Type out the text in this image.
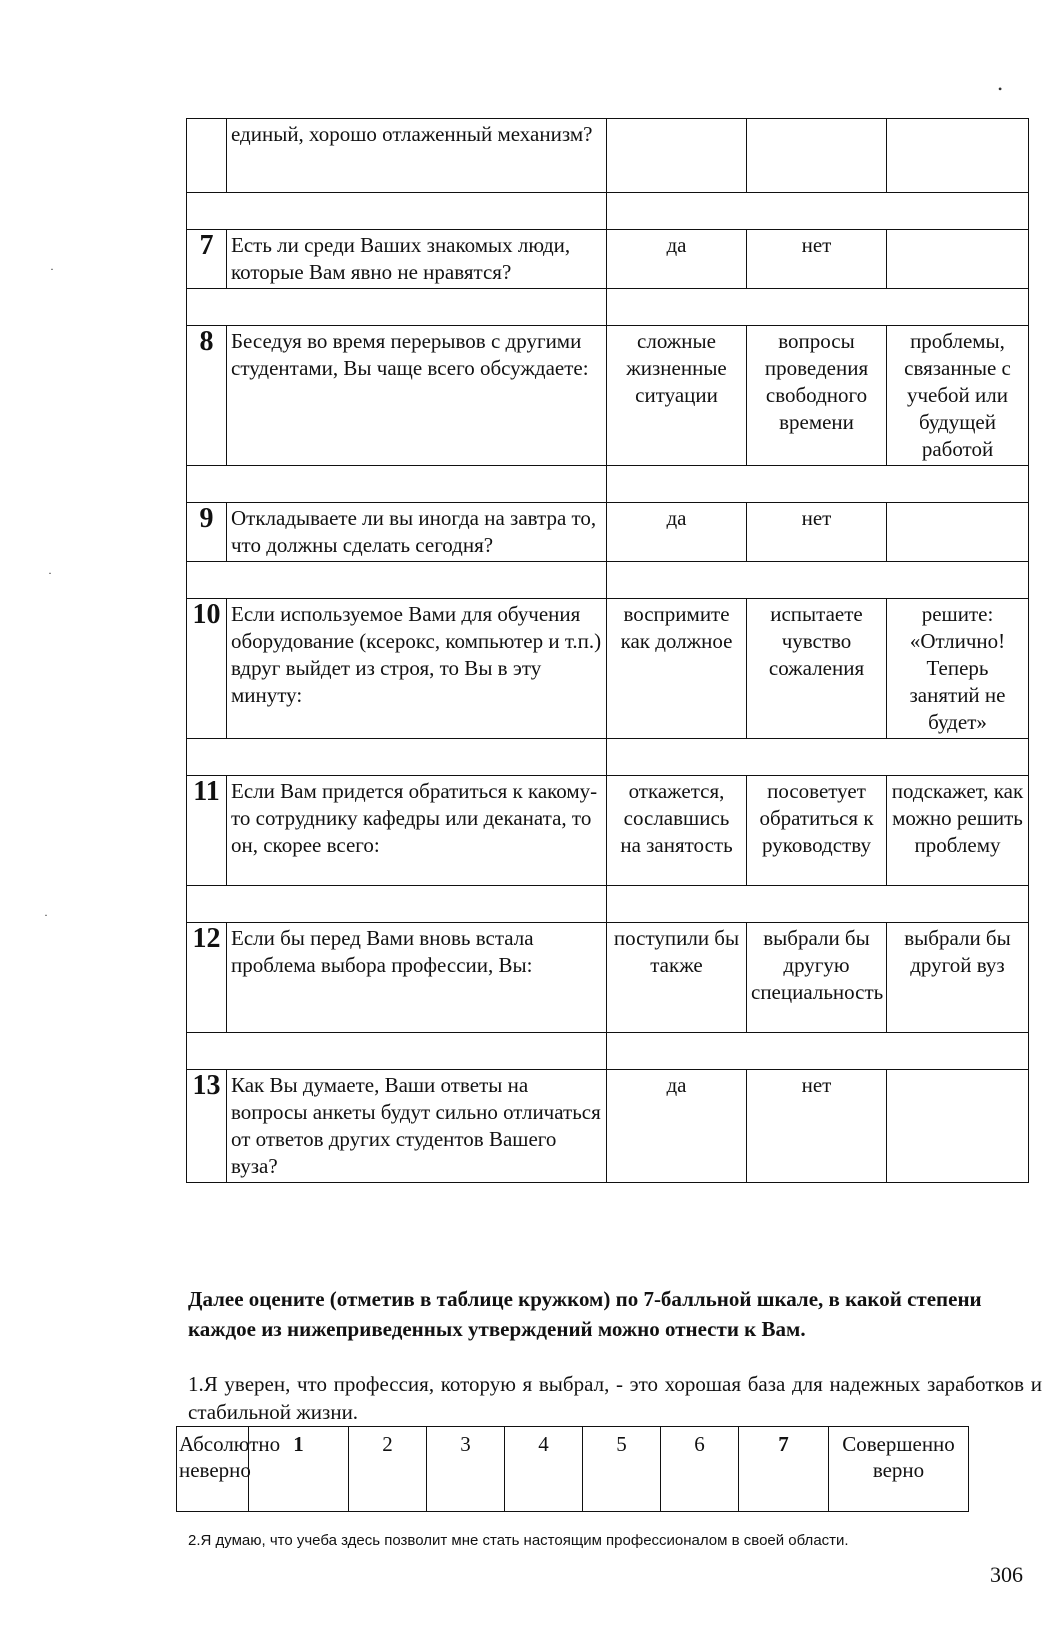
	единый, хорошо отлаженный механизм?			

7	Есть ли среди Ваших знакомых люди, которые Вам явно не нравятся?	да	нет	

8	Беседуя во время перерывов с другими студентами, Вы чаще всего обсуждаете:	сложные жизненные ситуации	вопросы проведения свободного времени	проблемы, связанные с учебой или будущей работой

9	Откладываете ли вы иногда на завтра то, что должны сделать сегодня?	да	нет	

10	Если используемое Вами для обучения оборудование (ксерокс, компьютер и т.п.) вдруг выйдет из строя, то Вы в эту минуту:	воспримите как должное	испытаете чувство сожаления	решите: «Отлично! Теперь занятий не будет»

11	Если Вам придется обратиться к какому-то сотруднику кафедры или деканата, то он, скорее всего:	откажется, сославшись на занятость	посоветует обратиться к руководству	подскажет, как можно решить проблему

12	Если бы перед Вами вновь встала проблема выбора профессии, Вы:	поступили бы также	выбрали бы другую специальность	выбрали бы другой вуз

13	Как Вы думаете, Ваши ответы на вопросы анкеты будут сильно отличаться от ответов других студентов Вашего вуза?	да	нет	

Далее оцените (отметив в таблице кружком) по 7-балльной шкале, в какой степени каждое из нижеприведенных утверждений можно отнести к Вам.

1.Я уверен, что профессия, которую я выбрал, - это хорошая база для надежных заработков и стабильной жизни.

Абсолютно неверно	1	2	3	4	5	6	7	Совершенно верно

2.Я думаю, что учеба здесь позволит мне стать настоящим профессионалом в своей области.

306

•
·
·
·
